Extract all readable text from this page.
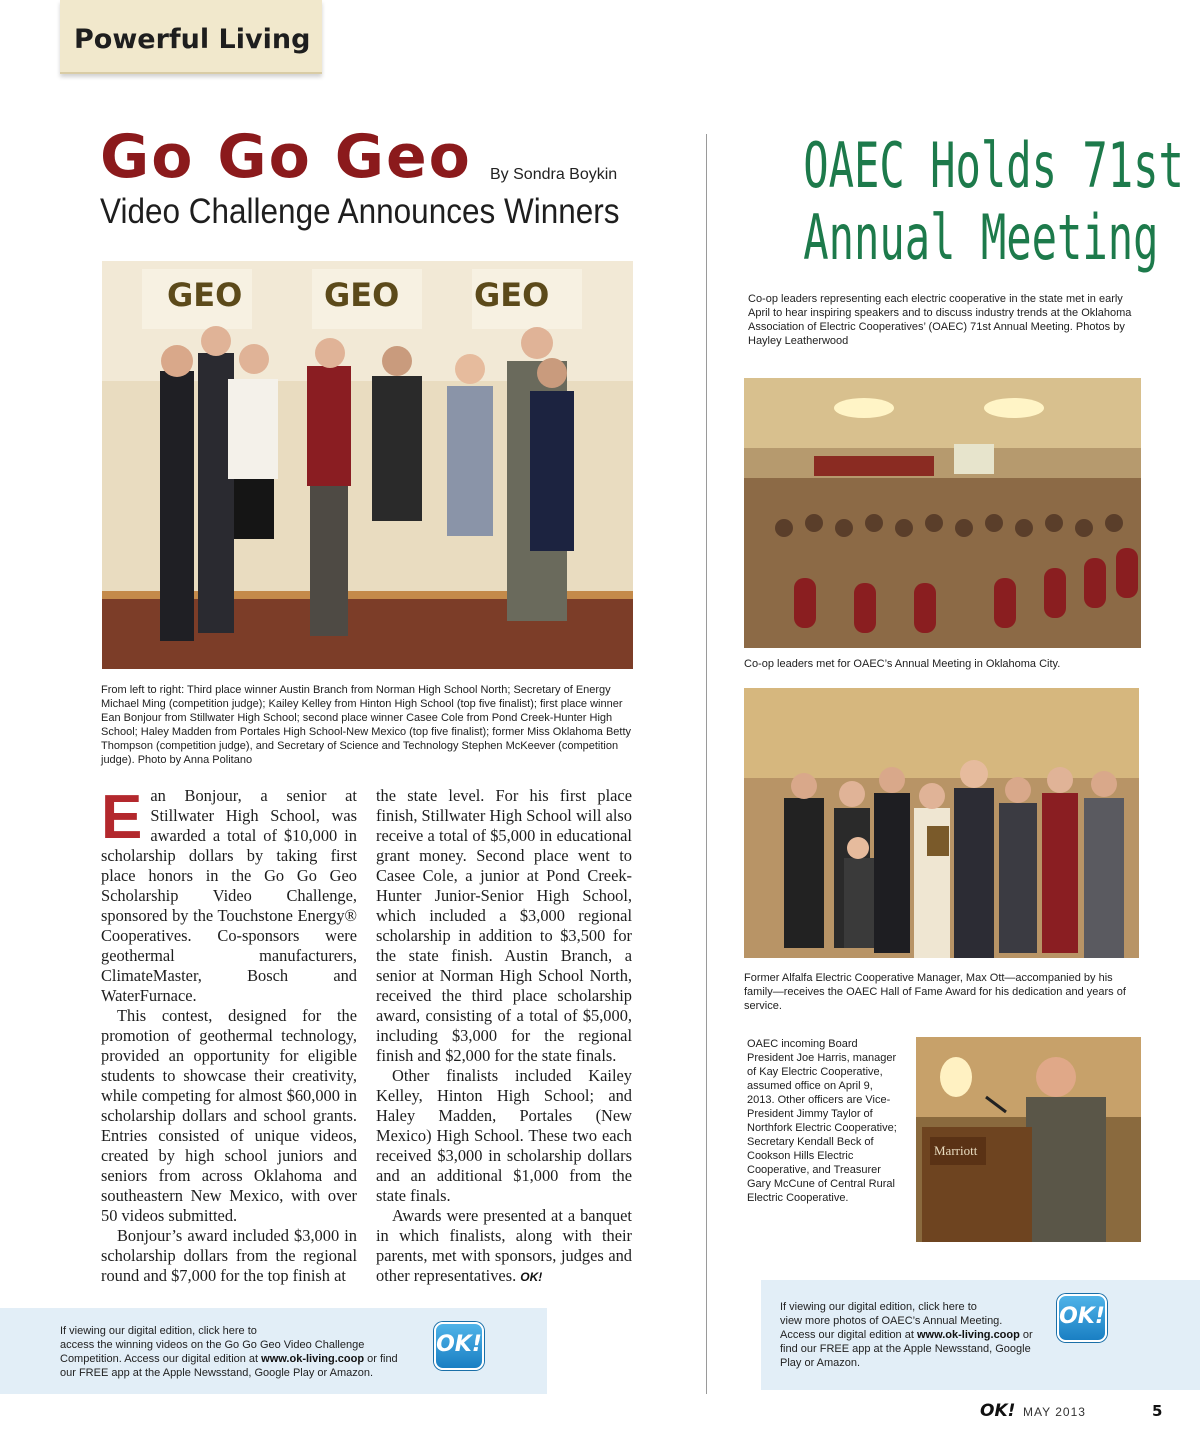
Powerful Living
Go Go Geo By Sondra Boykin
Video Challenge Announces Winners
GEO	GEO GEO
From left to right: Third place winner Austin Branch from Norman High School North; Secretary of Energy Michael Ming (competition judge); Kailey Kelley from Hinton High School (top five finalist); first place winner Ean Bonjour from Stillwater High School; second place winner Casee Cole from Pond Creek-Hunter High School; Haley Madden from Portales High School-New Mexico (top five finalist); former Miss Oklahoma Betty Thompson (competition judge), and Secretary of Science and Technology Stephen McKeever (competition judge). Photo by Anna Politano

Ean Bonjour, a senior at Stillwater High School, was awarded a total of $10,000 in scholarship dollars by taking first place honors in the Go Go Geo Scholarship Video Challenge, sponsored by the Touchstone Energy® Cooperatives. Co-sponsors were geothermal manufacturers, ClimateMaster, Bosch and WaterFurnace.

This contest, designed for the promotion of geothermal technology, provided an opportunity for eligible students to showcase their creativity, while competing for almost $60,000 in scholarship dollars and school grants. Entries consisted of unique videos, created by high school juniors and seniors from across Oklahoma and southeastern New Mexico, with over 50 videos submitted.

Bonjour’s award included $3,000 in scholarship dollars from the regional round and $7,000 for the top finish at

the state level. For his first place finish, Stillwater High School will also receive a total of $5,000 in educational grant money. Second place went to Casee Cole, a junior at Pond Creek-Hunter Junior-Senior High School, which included a $3,000 regional scholarship in addition to $3,500 for the state finish. Austin Branch, a senior at Norman High School North, received the third place scholarship award, consisting of a total of $5,000, including $3,000 for the regional finish and $2,000 for the state finals.

Other finalists included Kailey Kelley, Hinton High School; and Haley Madden, Portales (New Mexico) High School. These two each received $3,000 in scholarship dollars and an additional $1,000 from the state finals.

Awards were presented at a banquet in which finalists, along with their parents, met with sponsors, judges and other representatives. OK!

If viewing our digital edition, click here to
access the winning videos on the Go Go Geo Video Challenge
Competition. Access our digital edition at www.ok-living.coop or find
our FREE app at the Apple Newsstand, Google Play or Amazon.
OK!
OAEC Holds 71st
Annual Meeting
Co-op leaders representing each electric cooperative in the state met in early April to hear inspiring speakers and to discuss industry trends at the Oklahoma Association of Electric Cooperatives’ (OAEC) 71st Annual Meeting. Photos by Hayley Leatherwood
Co-op leaders met for OAEC’s Annual Meeting in Oklahoma City.
Former Alfalfa Electric Cooperative Manager, Max Ott—accompanied by his family—receives the OAEC Hall of Fame Award for his dedication and years of service.
OAEC incoming Board President Joe Harris, manager of Kay Electric Cooperative, assumed office on April 9, 2013. Other officers are Vice-President Jimmy Taylor of Northfork Electric Cooperative; Secretary Kendall Beck of Cookson Hills Electric Cooperative, and Treasurer Gary McCune of Central Rural Electric Cooperative.
Marriott
If viewing our digital edition, click here to
view more photos of OAEC’s Annual Meeting.
Access our digital edition at www.ok-living.coop or
find our FREE app at the Apple Newsstand, Google
Play or Amazon.
OK!
OK! MAY 2013	5
